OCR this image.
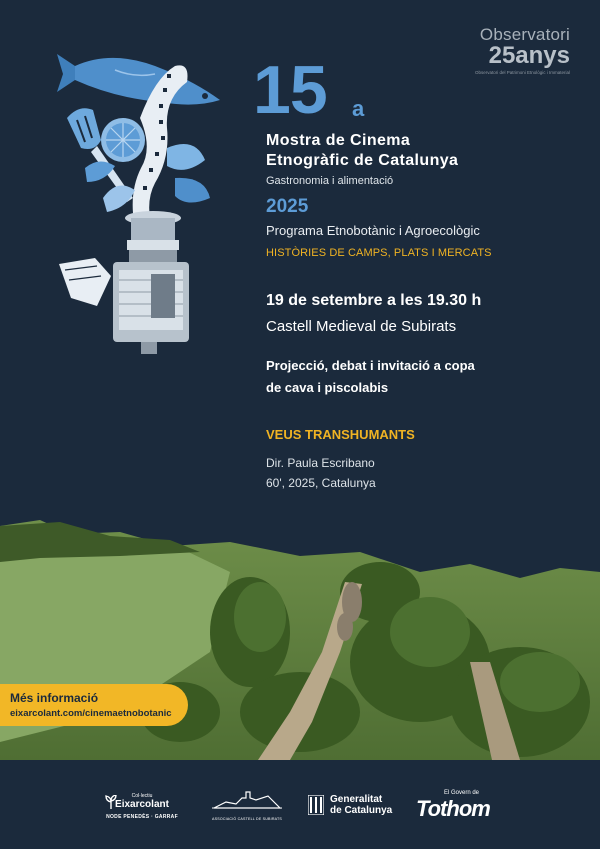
Observatori
25anys
Observatori del Patrimoni Etnològic i Immaterial
15 a
Mostra de Cinema
Etnogràfic de Catalunya
Gastronomia i alimentació
2025
Programa Etnobotànic i Agroecològic
HISTÒRIES DE CAMPS, PLATS I MERCATS
19 de setembre a les 19.30 h
Castell Medieval de Subirats
Projecció, debat i invitació a copa
de cava i piscolabis
VEUS TRANSHUMANTS
Dir. Paula Escribano
60', 2025, Catalunya
Més informació
eixarcolant.com/cinemaetnobotanic
Col·lectiu
Eixarcolant
NODE PENEDÈS · GARRAF	ASSOCIACIÓ CASTELL DE SUBIRATS
Generalitat
de Catalunya
El Govern de
Tothom
